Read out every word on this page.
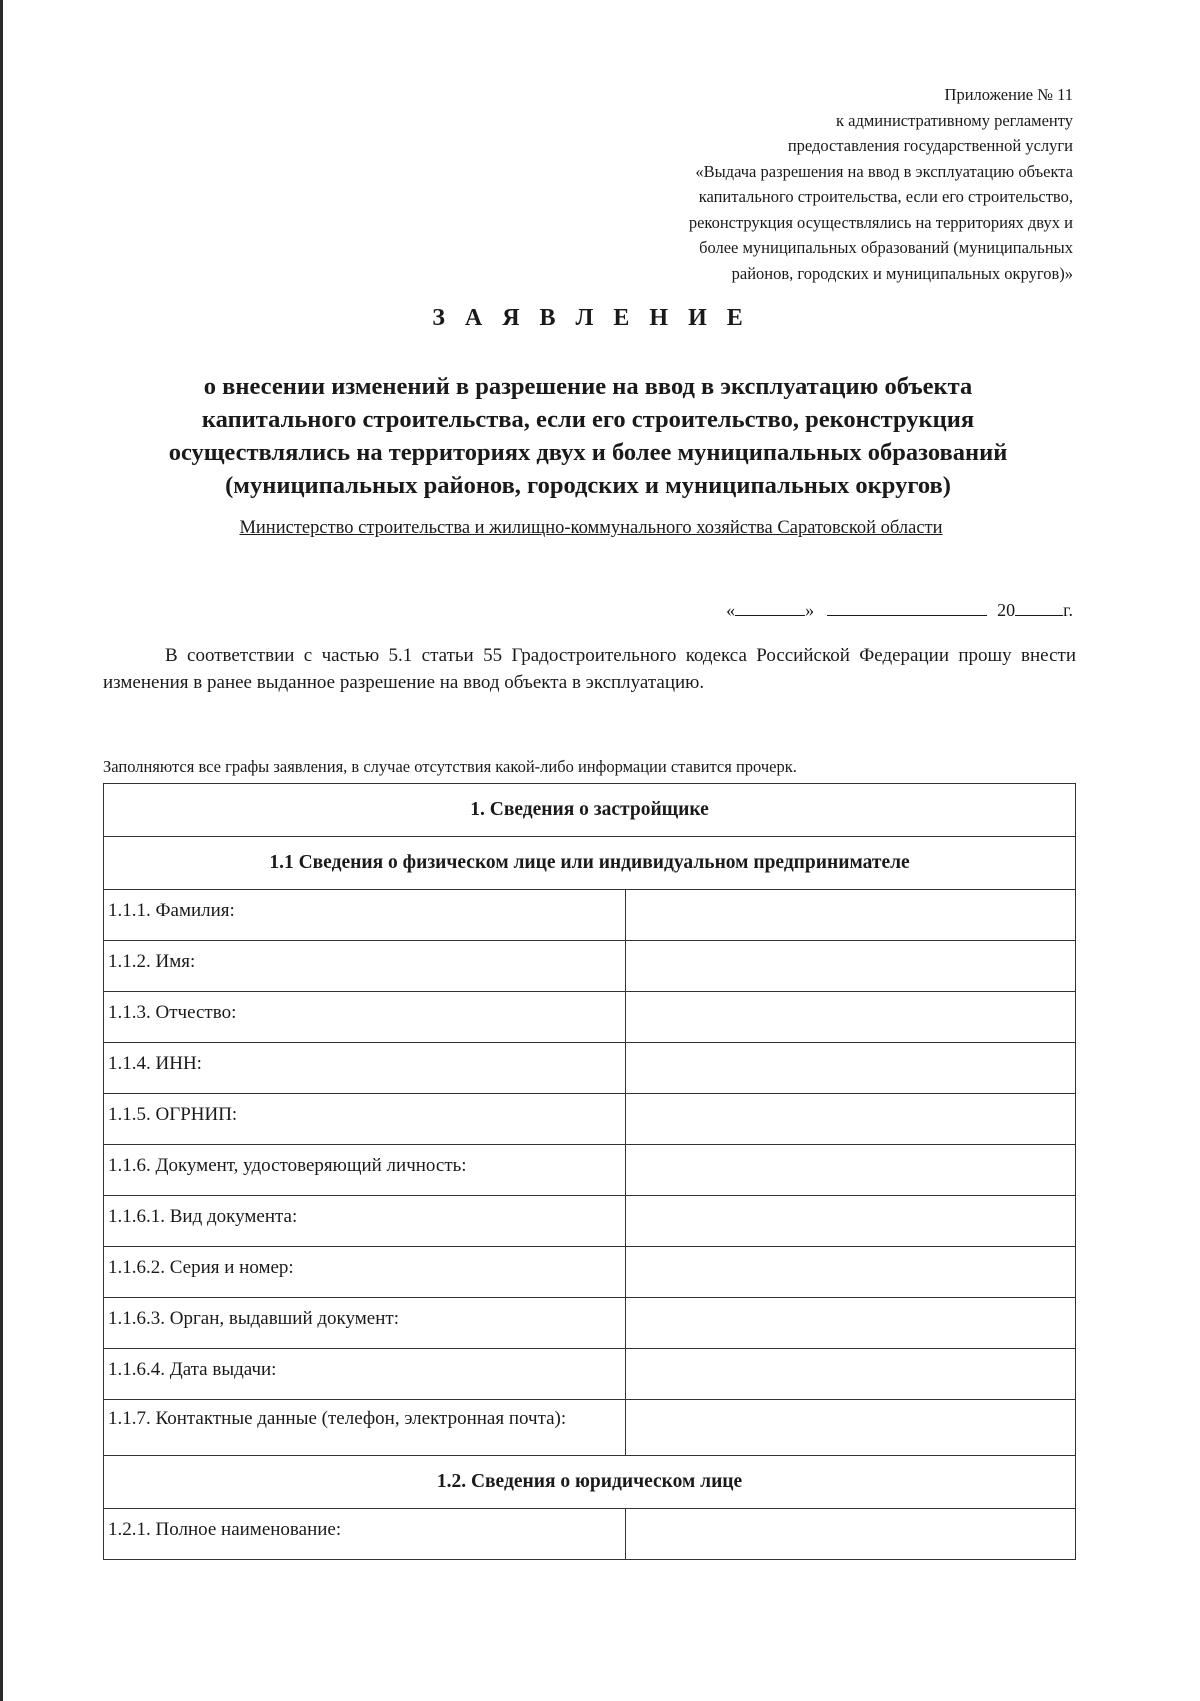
Приложение № 11
к административному регламенту
предоставления государственной услуги
«Выдача разрешения на ввод в эксплуатацию объекта
капитального строительства, если его строительство,
реконструкция осуществлялись на территориях двух и
более муниципальных образований (муниципальных
районов, городских и муниципальных округов)»
З А Я В Л Е Н И Е
о внесении изменений в разрешение на ввод в эксплуатацию объекта
капитального строительства, если его строительство, реконструкция
осуществлялись на территориях двух и более муниципальных образований
(муниципальных районов, городских и муниципальных округов)
Министерство строительства и жилищно-коммунального хозяйства Саратовской области
«	»	20	г.
В соответствии с частью 5.1 статьи 55 Градостроительного кодекса Российской Федерации прошу внести изменения в ранее выданное разрешение на ввод объекта в эксплуатацию.
Заполняются все графы заявления, в случае отсутствия какой-либо информации ставится прочерк.
1. Сведения о застройщике	
1.1 Сведения о физическом лице или индивидуальном предпринимателе	
1.1.1. Фамилия:	
1.1.2. Имя:	
1.1.3. Отчество:	
1.1.4. ИНН:	
1.1.5. ОГРНИП:	
1.1.6. Документ, удостоверяющий личность:	
1.1.6.1. Вид документа:	
1.1.6.2. Серия и номер:	
1.1.6.3. Орган, выдавший документ:	
1.1.6.4. Дата выдачи:	
1.1.7. Контактные данные (телефон, электронная почта):	
1.2. Сведения о юридическом лице	
1.2.1. Полное наименование:	
